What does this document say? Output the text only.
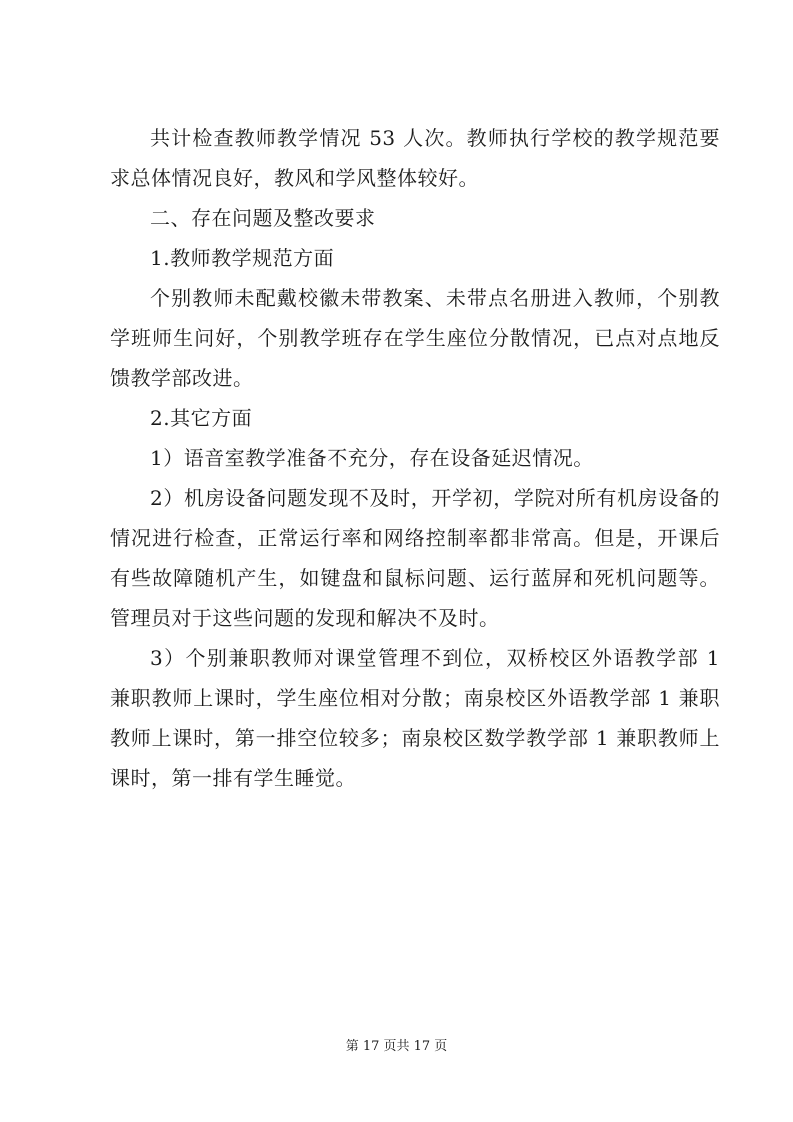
共计检查教师教学情况 53 人次。教师执行学校的教学规范要求总体情况良好，教风和学风整体较好。

二、存在问题及整改要求

1.教师教学规范方面

个别教师未配戴校徽未带教案、未带点名册进入教师，个别教学班师生问好，个别教学班存在学生座位分散情况，已点对点地反馈教学部改进。

2.其它方面

1）语音室教学准备不充分，存在设备延迟情况。

2）机房设备问题发现不及时，开学初，学院对所有机房设备的情况进行检查，正常运行率和网络控制率都非常高。但是，开课后有些故障随机产生，如键盘和鼠标问题、运行蓝屏和死机问题等。管理员对于这些问题的发现和解决不及时。

3）个别兼职教师对课堂管理不到位，双桥校区外语教学部 1 兼职教师上课时，学生座位相对分散；南泉校区外语教学部 1 兼职教师上课时，第一排空位较多；南泉校区数学教学部 1 兼职教师上课时，第一排有学生睡觉。

第 17 页共 17 页
